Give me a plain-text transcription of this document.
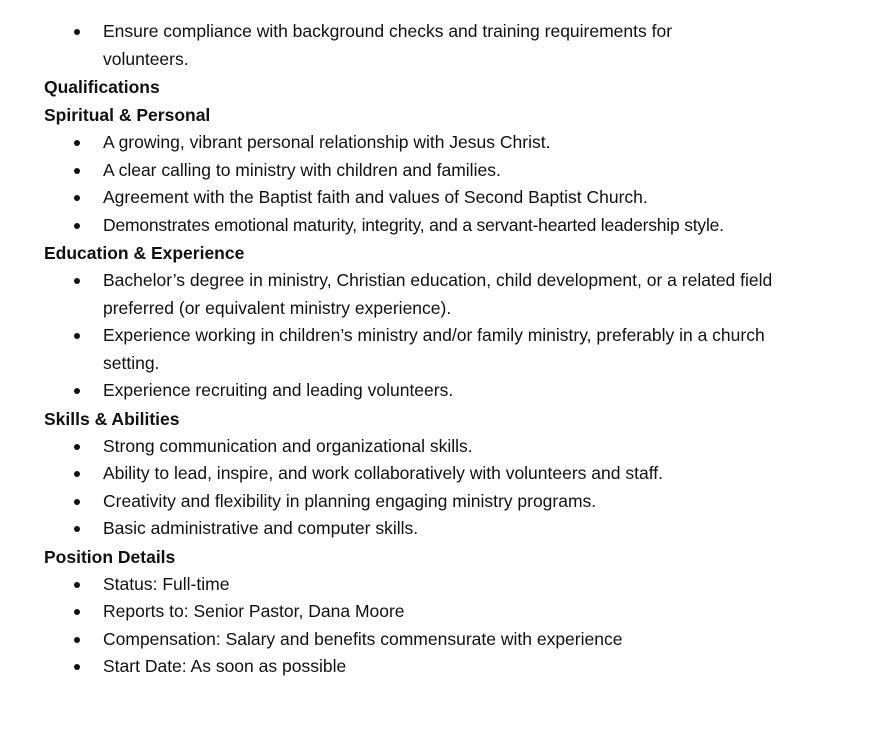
Ensure compliance with background checks and training requirements for volunteers.
Qualifications
Spiritual & Personal
A growing, vibrant personal relationship with Jesus Christ.
A clear calling to ministry with children and families.
Agreement with the Baptist faith and values of Second Baptist Church.
Demonstrates emotional maturity, integrity, and a servant-hearted leadership style.
Education & Experience
Bachelor’s degree in ministry, Christian education, child development, or a related field preferred (or equivalent ministry experience).
Experience working in children’s ministry and/or family ministry, preferably in a church setting.
Experience recruiting and leading volunteers.
Skills & Abilities
Strong communication and organizational skills.
Ability to lead, inspire, and work collaboratively with volunteers and staff.
Creativity and flexibility in planning engaging ministry programs.
Basic administrative and computer skills.
Position Details
Status: Full-time
Reports to: Senior Pastor, Dana Moore
Compensation: Salary and benefits commensurate with experience
Start Date: As soon as possible
